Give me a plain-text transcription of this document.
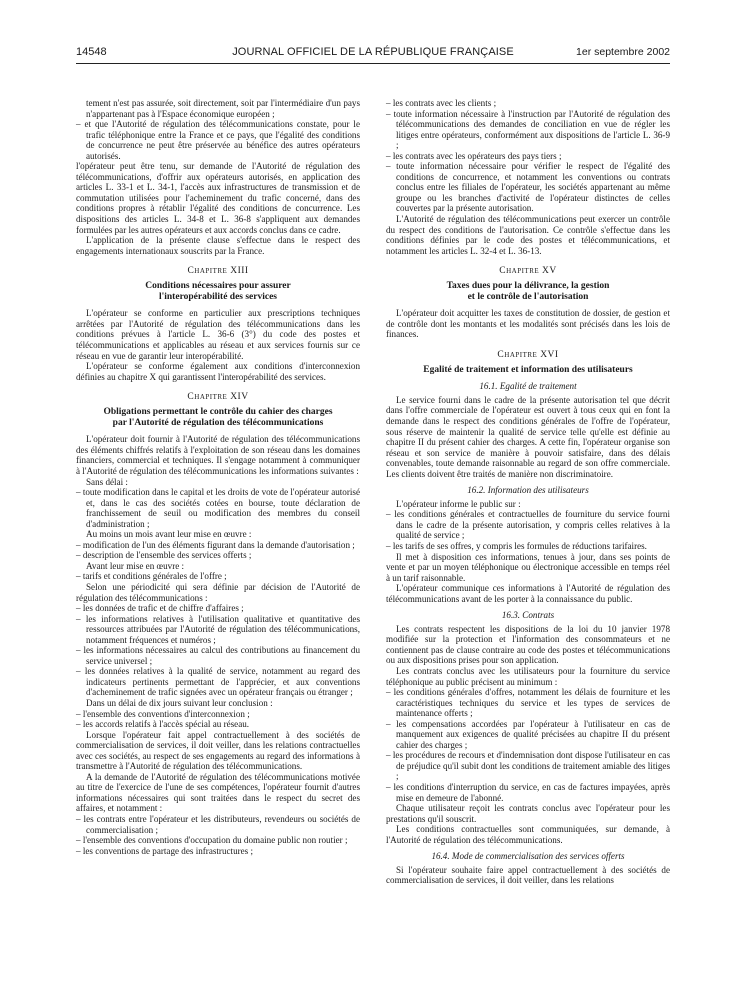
14548	JOURNAL OFFICIEL DE LA RÉPUBLIQUE FRANÇAISE	1er septembre 2002

tement n'est pas assurée, soit directement, soit par l'intermédiaire d'un pays n'appartenant pas à l'Espace économique européen ;

– et que l'Autorité de régulation des télécommunications constate, pour le trafic téléphonique entre la France et ce pays, que l'égalité des conditions de concurrence ne peut être préservée au bénéfice des autres opérateurs autorisés.

l'opérateur peut être tenu, sur demande de l'Autorité de régulation des télécommunications, d'offrir aux opérateurs autorisés, en application des articles L. 33-1 et L. 34-1, l'accès aux infrastructures de transmission et de commutation utilisées pour l'acheminement du trafic concerné, dans des conditions propres à rétablir l'égalité des conditions de concurrence. Les dispositions des articles L. 34-8 et L. 36-8 s'appliquent aux demandes formulées par les autres opérateurs et aux accords conclus dans ce cadre.

L'application de la présente clause s'effectue dans le respect des engagements internationaux souscrits par la France.

Chapitre XIII
Conditions nécessaires pour assurer
l'interopérabilité des services

L'opérateur se conforme en particulier aux prescriptions techniques arrêtées par l'Autorité de régulation des télécommunications dans les conditions prévues à l'article L. 36-6 (3°) du code des postes et télécommunications et applicables au réseau et aux services fournis sur ce réseau en vue de garantir leur interopérabilité.

L'opérateur se conforme également aux conditions d'interconnexion définies au chapitre X qui garantissent l'interopérabilité des services.

Chapitre XIV
Obligations permettant le contrôle du cahier des charges
par l'Autorité de régulation des télécommunications

L'opérateur doit fournir à l'Autorité de régulation des télécommunications des éléments chiffrés relatifs à l'exploitation de son réseau dans les domaines financiers, commercial et techniques. Il s'engage notamment à communiquer à l'Autorité de régulation des télécommunications les informations suivantes :

Sans délai :

– toute modification dans le capital et les droits de vote de l'opérateur autorisé et, dans le cas des sociétés cotées en bourse, toute déclaration de franchissement de seuil ou modification des membres du conseil d'administration ;

Au moins un mois avant leur mise en œuvre :

– modification de l'un des éléments figurant dans la demande d'autorisation ;

– description de l'ensemble des services offerts ;

Avant leur mise en œuvre :

– tarifs et conditions générales de l'offre ;

Selon une périodicité qui sera définie par décision de l'Autorité de régulation des télécommunications :

– les données de trafic et de chiffre d'affaires ;

– les informations relatives à l'utilisation qualitative et quantitative des ressources attribuées par l'Autorité de régulation des télécommunications, notamment fréquences et numéros ;

– les informations nécessaires au calcul des contributions au financement du service universel ;

– les données relatives à la qualité de service, notamment au regard des indicateurs pertinents permettant de l'apprécier, et aux conventions d'acheminement de trafic signées avec un opérateur français ou étranger ;

Dans un délai de dix jours suivant leur conclusion :

– l'ensemble des conventions d'interconnexion ;

– les accords relatifs à l'accès spécial au réseau.

Lorsque l'opérateur fait appel contractuellement à des sociétés de commercialisation de services, il doit veiller, dans les relations contractuelles avec ces sociétés, au respect de ses engagements au regard des informations à transmettre à l'Autorité de régulation des télécommunications.

A la demande de l'Autorité de régulation des télécommunications motivée au titre de l'exercice de l'une de ses compétences, l'opérateur fournit d'autres informations nécessaires qui sont traitées dans le respect du secret des affaires, et notamment :

– les contrats entre l'opérateur et les distributeurs, revendeurs ou sociétés de commercialisation ;

– l'ensemble des conventions d'occupation du domaine public non routier ;

– les conventions de partage des infrastructures ;

– les contrats avec les clients ;

– toute information nécessaire à l'instruction par l'Autorité de régulation des télécommunications des demandes de conciliation en vue de régler les litiges entre opérateurs, conformément aux dispositions de l'article L. 36-9 ;

– les contrats avec les opérateurs des pays tiers ;

– toute information nécessaire pour vérifier le respect de l'égalité des conditions de concurrence, et notamment les conventions ou contrats conclus entre les filiales de l'opérateur, les sociétés appartenant au même groupe ou les branches d'activité de l'opérateur distinctes de celles couvertes par la présente autorisation.

L'Autorité de régulation des télécommunications peut exercer un contrôle du respect des conditions de l'autorisation. Ce contrôle s'effectue dans les conditions définies par le code des postes et télécommunications, et notamment les articles L. 32-4 et L. 36-13.

Chapitre XV
Taxes dues pour la délivrance, la gestion
et le contrôle de l'autorisation

L'opérateur doit acquitter les taxes de constitution de dossier, de gestion et de contrôle dont les montants et les modalités sont précisés dans les lois de finances.

Chapitre XVI
Egalité de traitement et information des utilisateurs
16.1. Egalité de traitement

Le service fourni dans le cadre de la présente autorisation tel que décrit dans l'offre commerciale de l'opérateur est ouvert à tous ceux qui en font la demande dans le respect des conditions générales de l'offre de l'opérateur, sous réserve de maintenir la qualité de service telle qu'elle est définie au chapitre II du présent cahier des charges. A cette fin, l'opérateur organise son réseau et son service de manière à pouvoir satisfaire, dans des délais convenables, toute demande raisonnable au regard de son offre commerciale. Les clients doivent être traités de manière non discriminatoire.

16.2. Information des utilisateurs

L'opérateur informe le public sur :

– les conditions générales et contractuelles de fourniture du service fourni dans le cadre de la présente autorisation, y compris celles relatives à la qualité de service ;

– les tarifs de ses offres, y compris les formules de réductions tarifaires.

Il met à disposition ces informations, tenues à jour, dans ses points de vente et par un moyen téléphonique ou électronique accessible en temps réel à un tarif raisonnable.

L'opérateur communique ces informations à l'Autorité de régulation des télécommunications avant de les porter à la connaissance du public.

16.3. Contrats

Les contrats respectent les dispositions de la loi du 10 janvier 1978 modifiée sur la protection et l'information des consommateurs et ne contiennent pas de clause contraire au code des postes et télécommunications ou aux dispositions prises pour son application.

Les contrats conclus avec les utilisateurs pour la fourniture du service téléphonique au public précisent au minimum :

– les conditions générales d'offres, notamment les délais de fourniture et les caractéristiques techniques du service et les types de services de maintenance offerts ;

– les compensations accordées par l'opérateur à l'utilisateur en cas de manquement aux exigences de qualité précisées au chapitre II du présent cahier des charges ;

– les procédures de recours et d'indemnisation dont dispose l'utilisateur en cas de préjudice qu'il subit dont les conditions de traitement amiable des litiges ;

– les conditions d'interruption du service, en cas de factures impayées, après mise en demeure de l'abonné.

Chaque utilisateur reçoit les contrats conclus avec l'opérateur pour les prestations qu'il souscrit.

Les conditions contractuelles sont communiquées, sur demande, à l'Autorité de régulation des télécommunications.

16.4. Mode de commercialisation des services offerts

Si l'opérateur souhaite faire appel contractuellement à des sociétés de commercialisation de services, il doit veiller, dans les relations
